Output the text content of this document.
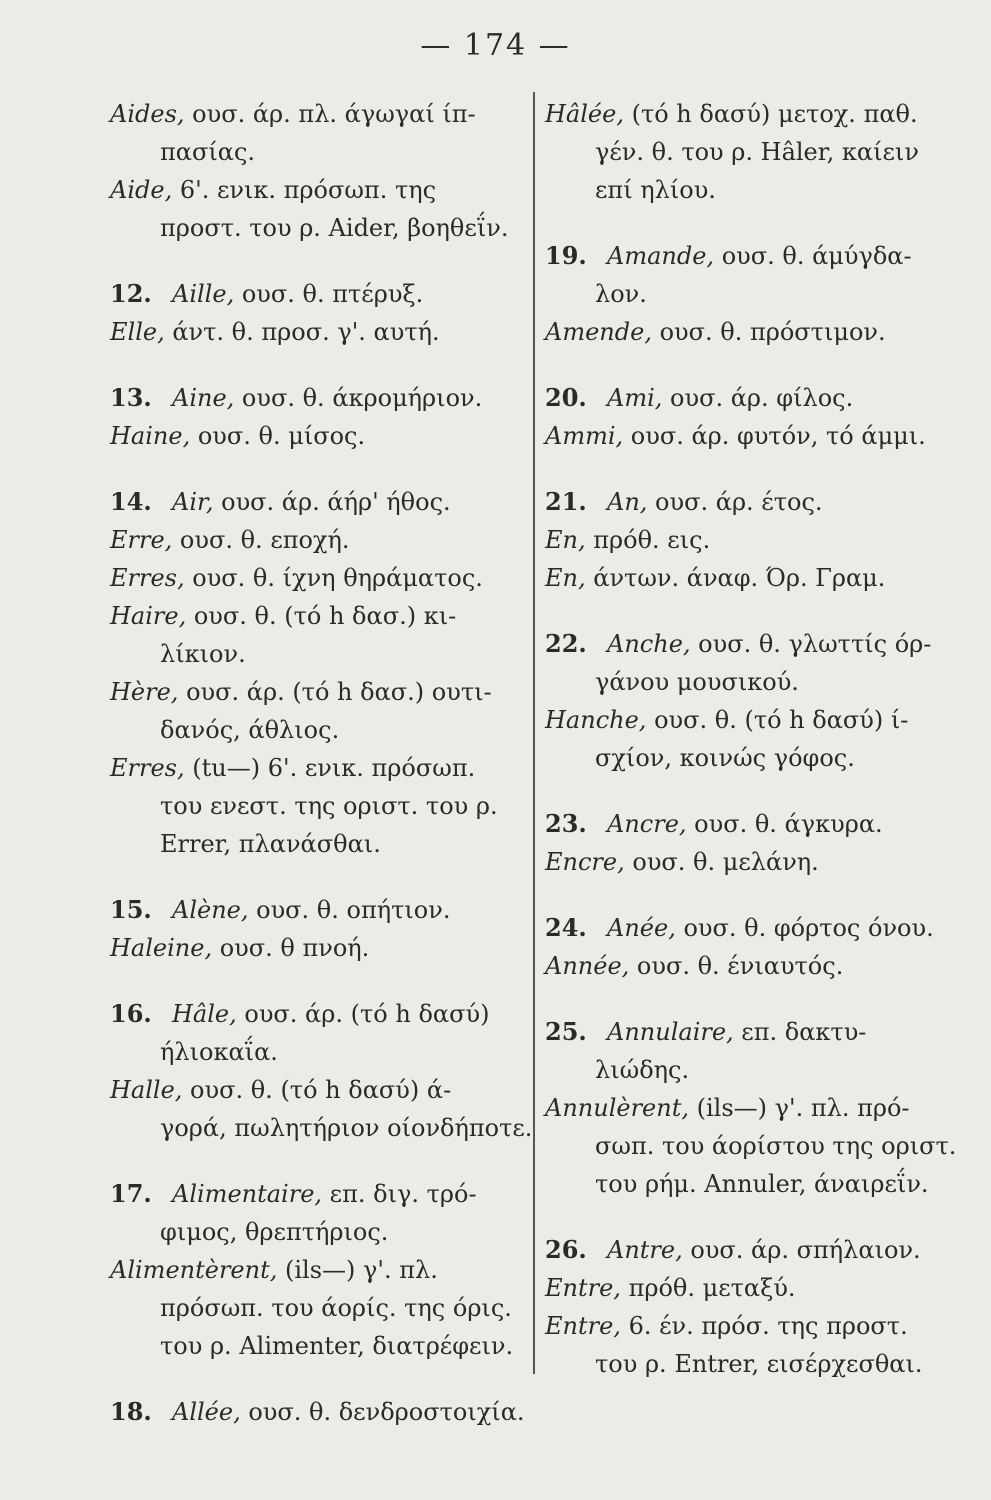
— 174 —
Aides, ουσ. άρ. πλ. άγωγαί ίπ-
πασίας.
Aide, 6'. ενικ. πρόσωπ. της
προστ. του ρ. Aider, βοηθεΐν.
12. Aille, ουσ. θ. πτέρυξ.
Elle, άντ. θ. προσ. γ'. αυτή.
13. Aine, ουσ. θ. άκρομήριον.
Haine, ουσ. θ. μίσος.
14. Air, ουσ. άρ. άήρ' ήθος.
Erre, ουσ. θ. εποχή.
Erres, ουσ. θ. ίχνη θηράματος.
Haire, ουσ. θ. (τό h δασ.) κι-
λίκιον.
Hère, ουσ. άρ. (τό h δασ.) ουτι-
δανός, άθλιος.
Erres, (tu—) 6'. ενικ. πρόσωπ.
του ενεστ. της οριστ. του ρ.
Errer, πλανάσθαι.
15. Alène, ουσ. θ. οπήτιον.
Haleine, ουσ. θ πνοή.
16. Hâle, ουσ. άρ. (τό h δασύ)
ήλιοκαΐα.
Halle, ουσ. θ. (τό h δασύ) ά-
γορά, πωλητήριον οίονδήποτε.
17. Alimentaire, επ. διγ. τρό-
φιμος, θρεπτήριος.
Alimentèrent, (ils—) γ'. πλ.
πρόσωπ. του άορίς. της όρις.
του ρ. Alimenter, διατρέφειν.
18. Allée, ουσ. θ. δενδροστοιχία.
Hâlée, (τό h δασύ) μετοχ. παθ.
γέν. θ. του ρ. Hâler, καίειν
επί ηλίου.
19. Amande, ουσ. θ. άμύγδα-
λον.
Amende, ουσ. θ. πρόστιμον.
20. Ami, ουσ. άρ. φίλος.
Ammi, ουσ. άρ. φυτόν, τό άμμι.
21. An, ουσ. άρ. έτος.
En, πρόθ. εις.
En, άντων. άναφ. Όρ. Γραμ.
22. Anche, ουσ. θ. γλωττίς όρ-
γάνου μουσικού.
Hanche, ουσ. θ. (τό h δασύ) ί-
σχίον, κοινώς γόφος.
23. Ancre, ουσ. θ. άγκυρα.
Encre, ουσ. θ. μελάνη.
24. Anée, ουσ. θ. φόρτος όνου.
Année, ουσ. θ. ένιαυτός.
25. Annulaire, επ. δακτυ-
λιώδης.
Annulèrent, (ils—) γ'. πλ. πρό-
σωπ. του άορίστου της οριστ.
του ρήμ. Annuler, άναιρεΐν.
26. Antre, ουσ. άρ. σπήλαιον.
Entre, πρόθ. μεταξύ.
Entre, 6. έν. πρόσ. της προστ.
του ρ. Entrer, εισέρχεσθαι.
